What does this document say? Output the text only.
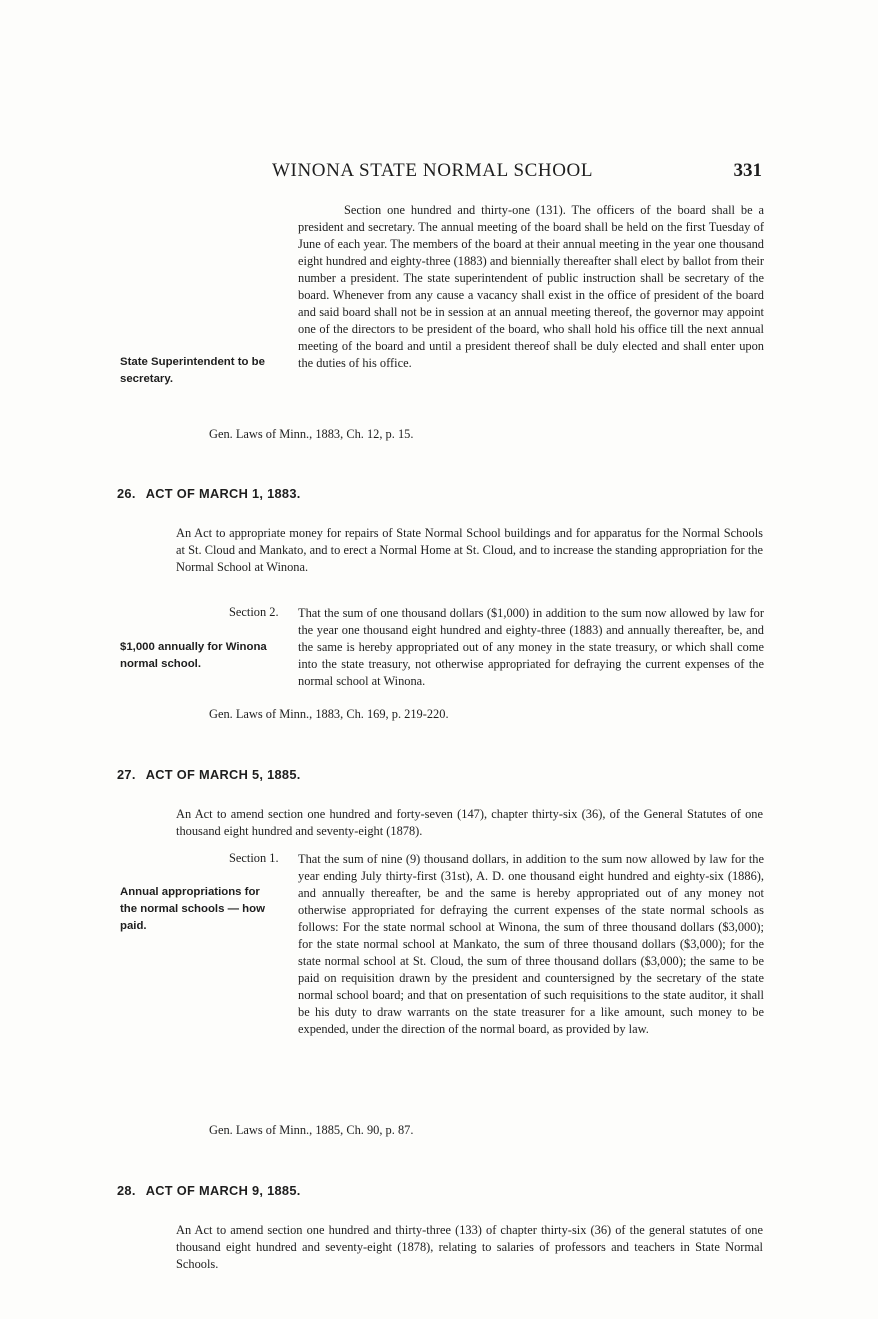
WINONA STATE NORMAL SCHOOL	331
Section one hundred and thirty-one (131). The officers of the board shall be a president and secretary. The annual meeting of the board shall be held on the first Tuesday of June of each year. The members of the board at their annual meeting in the year one thousand eight hundred and eighty-three (1883) and biennially thereafter shall elect by ballot from their number a president. The state superintendent of public instruction shall be secretary of the board. Whenever from any cause a vacancy shall exist in the office of president of the board and said board shall not be in session at an annual meeting thereof, the governor may appoint one of the directors to be president of the board, who shall hold his office till the next annual meeting of the board and until a president thereof shall be duly elected and shall enter upon the duties of his office.
State Superintendent to be secretary.
Gen. Laws of Minn., 1883, Ch. 12, p. 15.
26. ACT OF MARCH 1, 1883.
An Act to appropriate money for repairs of State Normal School buildings and for apparatus for the Normal Schools at St. Cloud and Mankato, and to erect a Normal Home at St. Cloud, and to increase the standing appropriation for the Normal School at Winona.
Section 2. That the sum of one thousand dollars ($1,000) in addition to the sum now allowed by law for the year one thousand eight hundred and eighty-three (1883) and annually thereafter, be, and the same is hereby appropriated out of any money in the state treasury, or which shall come into the state treasury, not otherwise appropriated for defraying the current expenses of the normal school at Winona.
$1,000 annually for Winona normal school.
Gen. Laws of Minn., 1883, Ch. 169, p. 219-220.
27. ACT OF MARCH 5, 1885.
An Act to amend section one hundred and forty-seven (147), chapter thirty-six (36), of the General Statutes of one thousand eight hundred and seventy-eight (1878).
Section 1. That the sum of nine (9) thousand dollars, in addition to the sum now allowed by law for the year ending July thirty-first (31st), A. D. one thousand eight hundred and eighty-six (1886), and annually thereafter, be and the same is hereby appropriated out of any money not otherwise appropriated for defraying the current expenses of the state normal schools as follows: For the state normal school at Winona, the sum of three thousand dollars ($3,000); for the state normal school at Mankato, the sum of three thousand dollars ($3,000); for the state normal school at St. Cloud, the sum of three thousand dollars ($3,000); the same to be paid on requisition drawn by the president and countersigned by the secretary of the state normal school board; and that on presentation of such requisitions to the state auditor, it shall be his duty to draw warrants on the state treasurer for a like amount, such money to be expended, under the direction of the normal board, as provided by law.
Annual appropriations for the normal schools — how paid.
Gen. Laws of Minn., 1885, Ch. 90, p. 87.
28. ACT OF MARCH 9, 1885.
An Act to amend section one hundred and thirty-three (133) of chapter thirty-six (36) of the general statutes of one thousand eight hundred and seventy-eight (1878), relating to salaries of professors and teachers in State Normal Schools.
